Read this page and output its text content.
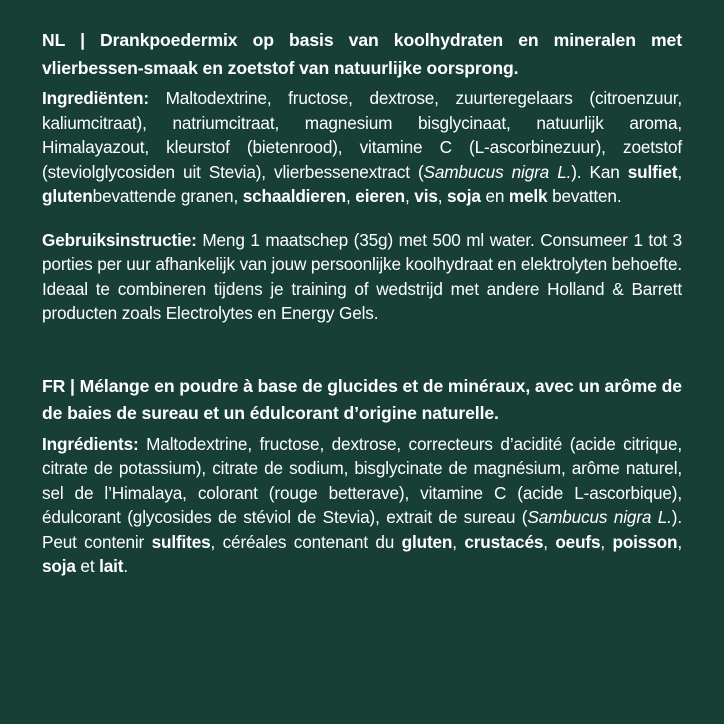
NL | Drankpoedermix op basis van koolhydraten en mineralen met vlierbessen-smaak en zoetstof van natuurlijke oorsprong.

Ingrediënten: Maltodextrine, fructose, dextrose, zuurteregelaars (citroenzuur, kaliumcitraat), natriumcitraat, magnesium bisglycinaat, natuurlijk aroma, Himalayazout, kleurstof (bietenrood), vitamine C (L-ascorbinezuur), zoetstof (steviolglycosiden uit Stevia), vlierbessenextract (Sambucus nigra L.). Kan sulfiet, glutenbevattende granen, schaaldieren, eieren, vis, soja en melk bevatten.

Gebruiksinstructie: Meng 1 maatschep (35g) met 500 ml water. Consumeer 1 tot 3 porties per uur afhankelijk van jouw persoonlijke koolhydraat en elektrolyten behoefte. Ideaal te combineren tijdens je training of wedstrijd met andere Holland & Barrett producten zoals Electrolytes en Energy Gels.

FR | Mélange en poudre à base de glucides et de minéraux, avec un arôme de de baies de sureau et un édulcorant d’origine naturelle.

Ingrédients: Maltodextrine, fructose, dextrose, correcteurs d’acidité (acide citrique, citrate de potassium), citrate de sodium, bisglycinate de magnésium, arôme naturel, sel de l’Himalaya, colorant (rouge betterave), vitamine C (acide L-ascorbique), édulcorant (glycosides de stéviol de Stevia), extrait de sureau (Sambucus nigra L.). Peut contenir sulfites, céréales contenant du gluten, crustacés, oeufs, poisson, soja et lait.
